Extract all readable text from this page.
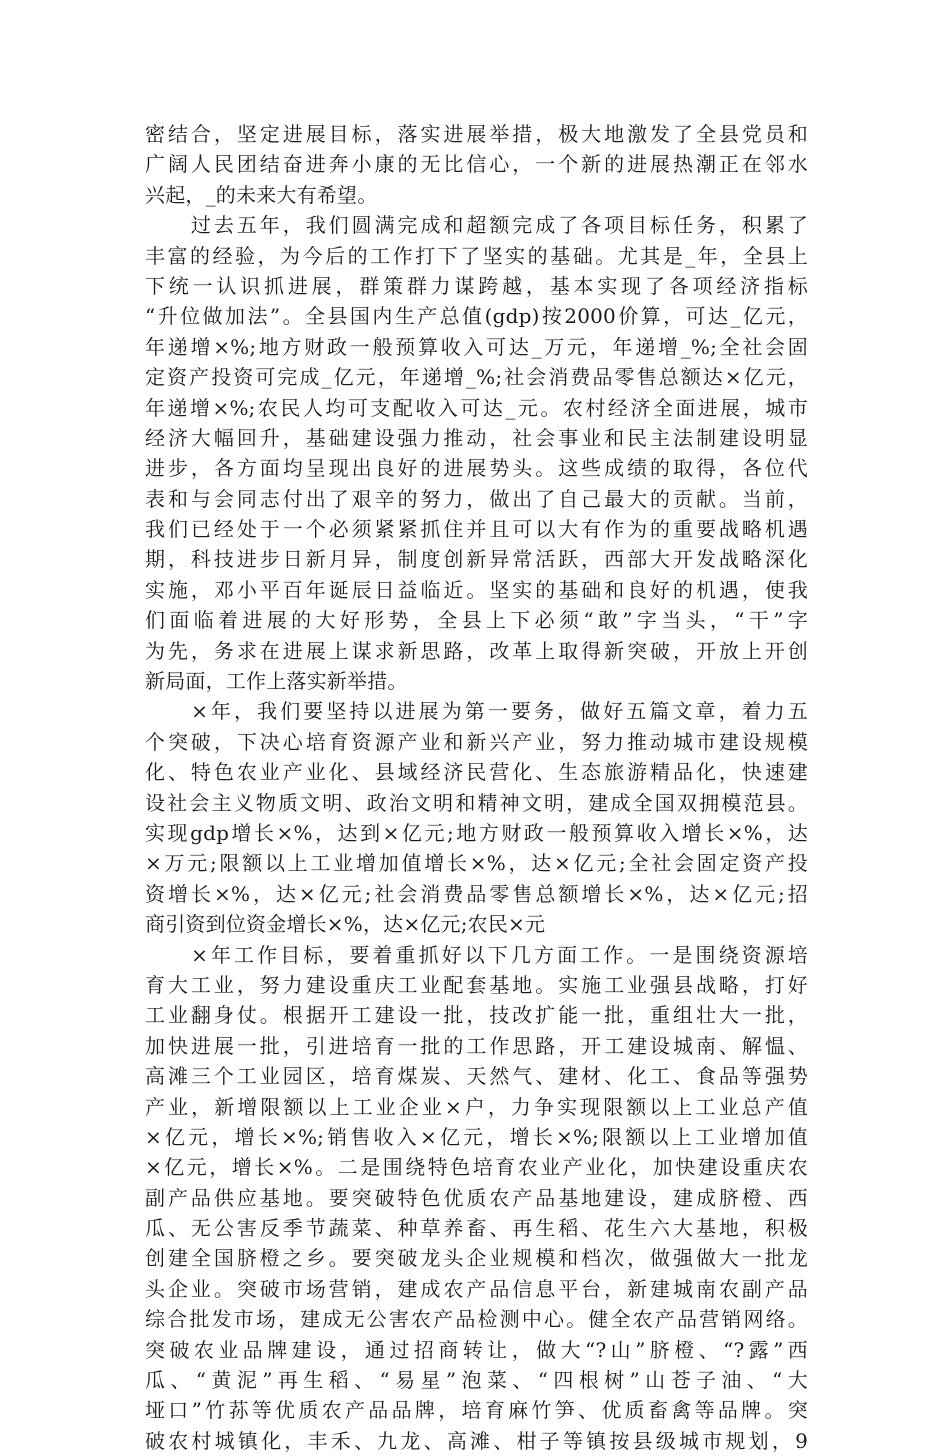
密结合，坚定进展目标，落实进展举措，极大地激发了全县党员和
广阔人民团结奋进奔小康的无比信心，一个新的进展热潮正在邻水
兴起，_的未来大有希望。
　　过去五年，我们圆满完成和超额完成了各项目标任务，积累了
丰富的经验，为今后的工作打下了坚实的基础。尤其是_年，全县上
下统一认识抓进展，群策群力谋跨越，基本实现了各项经济指标
“升位做加法”。全县国内生产总值(gdp)按2000价算，可达_亿元，
年递增×%;地方财政一般预算收入可达_万元，年递增_%;全社会固
定资产投资可完成_亿元，年递增_%;社会消费品零售总额达×亿元，
年递增×%;农民人均可支配收入可达_元。农村经济全面进展，城市
经济大幅回升，基础建设强力推动，社会事业和民主法制建设明显
进步，各方面均呈现出良好的进展势头。这些成绩的取得，各位代
表和与会同志付出了艰辛的努力，做出了自己最大的贡献。当前，
我们已经处于一个必须紧紧抓住并且可以大有作为的重要战略机遇
期，科技进步日新月异，制度创新异常活跃，西部大开发战略深化
实施，邓小平百年诞辰日益临近。坚实的基础和良好的机遇，使我
们面临着进展的大好形势，全县上下必须“敢”字当头，“干”字
为先，务求在进展上谋求新思路，改革上取得新突破，开放上开创
新局面，工作上落实新举措。
　　×年，我们要坚持以进展为第一要务，做好五篇文章，着力五
个突破，下决心培育资源产业和新兴产业，努力推动城市建设规模
化、特色农业产业化、县域经济民营化、生态旅游精品化，快速建
设社会主义物质文明、政治文明和精神文明，建成全国双拥模范县。
实现gdp增长×%，达到×亿元;地方财政一般预算收入增长×%，达
×万元;限额以上工业增加值增长×%，达×亿元;全社会固定资产投
资增长×%，达×亿元;社会消费品零售总额增长×%，达×亿元;招
商引资到位资金增长×%，达×亿元;农民×元
　　×年工作目标，要着重抓好以下几方面工作。一是围绕资源培
育大工业，努力建设重庆工业配套基地。实施工业强县战略，打好
工业翻身仗。根据开工建设一批，技改扩能一批，重组壮大一批，
加快进展一批，引进培育一批的工作思路，开工建设城南、解愠、
高滩三个工业园区，培育煤炭、天然气、建材、化工、食品等强势
产业，新增限额以上工业企业×户，力争实现限额以上工业总产值
×亿元，增长×%;销售收入×亿元，增长×%;限额以上工业增加值
×亿元，增长×%。二是围绕特色培育农业产业化，加快建设重庆农
副产品供应基地。要突破特色优质农产品基地建设，建成脐橙、西
瓜、无公害反季节蔬菜、种草养畜、再生稻、花生六大基地，积极
创建全国脐橙之乡。要突破龙头企业规模和档次，做强做大一批龙
头企业。突破市场营销，建成农产品信息平台，新建城南农副产品
综合批发市场，建成无公害农产品检测中心。健全农产品营销网络。
突破农业品牌建设，通过招商转让，做大“?山”脐橙、“?露”西
瓜、“黄泥”再生稻、“易星”泡菜、“四根树”山苍子油、“大
垭口”竹荪等优质农产品品牌，培育麻竹笋、优质畜禽等品牌。突
破农村城镇化，丰禾、九龙、高滩、柑子等镇按县级城市规划，9
